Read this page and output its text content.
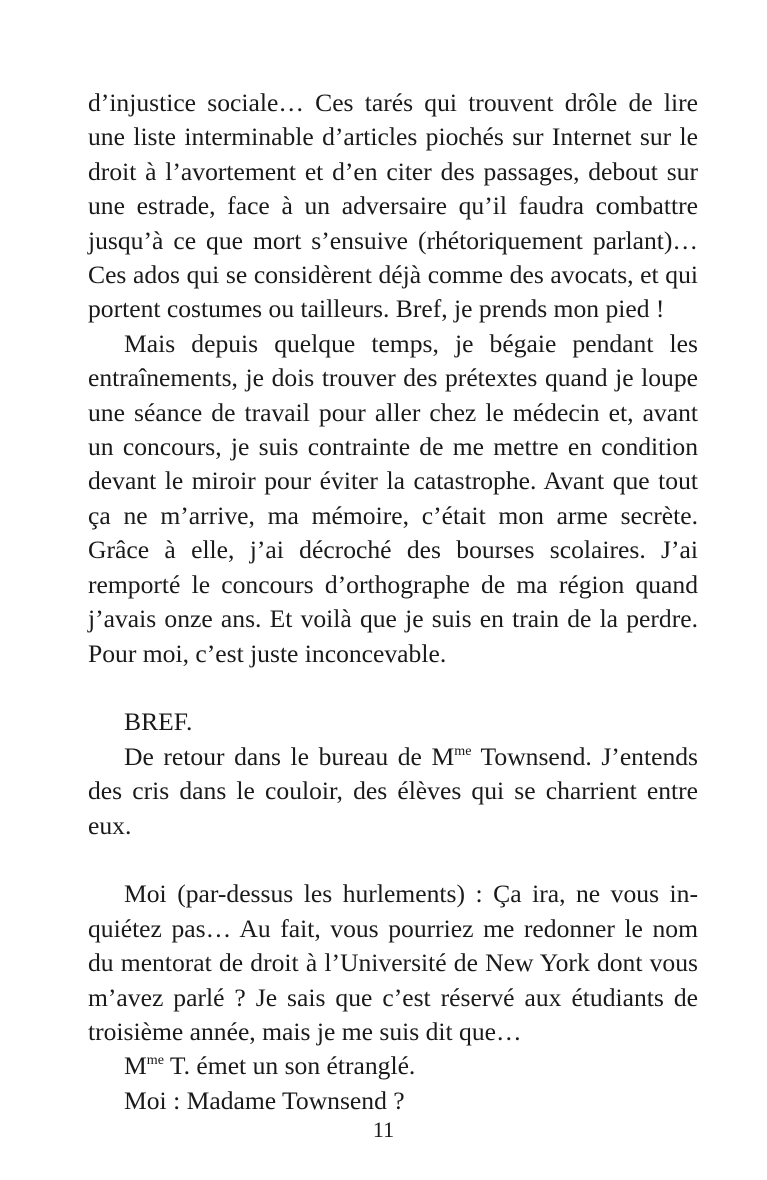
d’injustice sociale… Ces tarés qui trouvent drôle de lire une liste interminable d’articles piochés sur Internet sur le droit à l’avortement et d’en citer des passages, debout sur une estrade, face à un adversaire qu’il faudra combattre jusqu’à ce que mort s’ensuive (rhétoriquement parlant)… Ces ados qui se considèrent déjà comme des avocats, et qui portent costumes ou tailleurs. Bref, je prends mon pied !

Mais depuis quelque temps, je bégaie pendant les entraînements, je dois trouver des prétextes quand je loupe une séance de travail pour aller chez le médecin et, avant un concours, je suis contrainte de me mettre en condition devant le miroir pour éviter la catastrophe. Avant que tout ça ne m’arrive, ma mémoire, c’était mon arme secrète. Grâce à elle, j’ai décroché des bourses scolaires. J’ai remporté le concours d’orthographe de ma région quand j’avais onze ans. Et voilà que je suis en train de la perdre. Pour moi, c’est juste inconcevable.

BREF.

De retour dans le bureau de $M^{me}$ Townsend. J’entends des cris dans le couloir, des élèves qui se charrient entre eux.

Moi (par-dessus les hurlements) : Ça ira, ne vous inquiétez pas… Au fait, vous pourriez me redonner le nom du mentorat de droit à l’Université de New York dont vous m’avez parlé ? Je sais que c’est réservé aux étudiants de troisième année, mais je me suis dit que…

$M^{me}$ T. émet un son étranglé.

Moi : Madame Townsend ?

11
